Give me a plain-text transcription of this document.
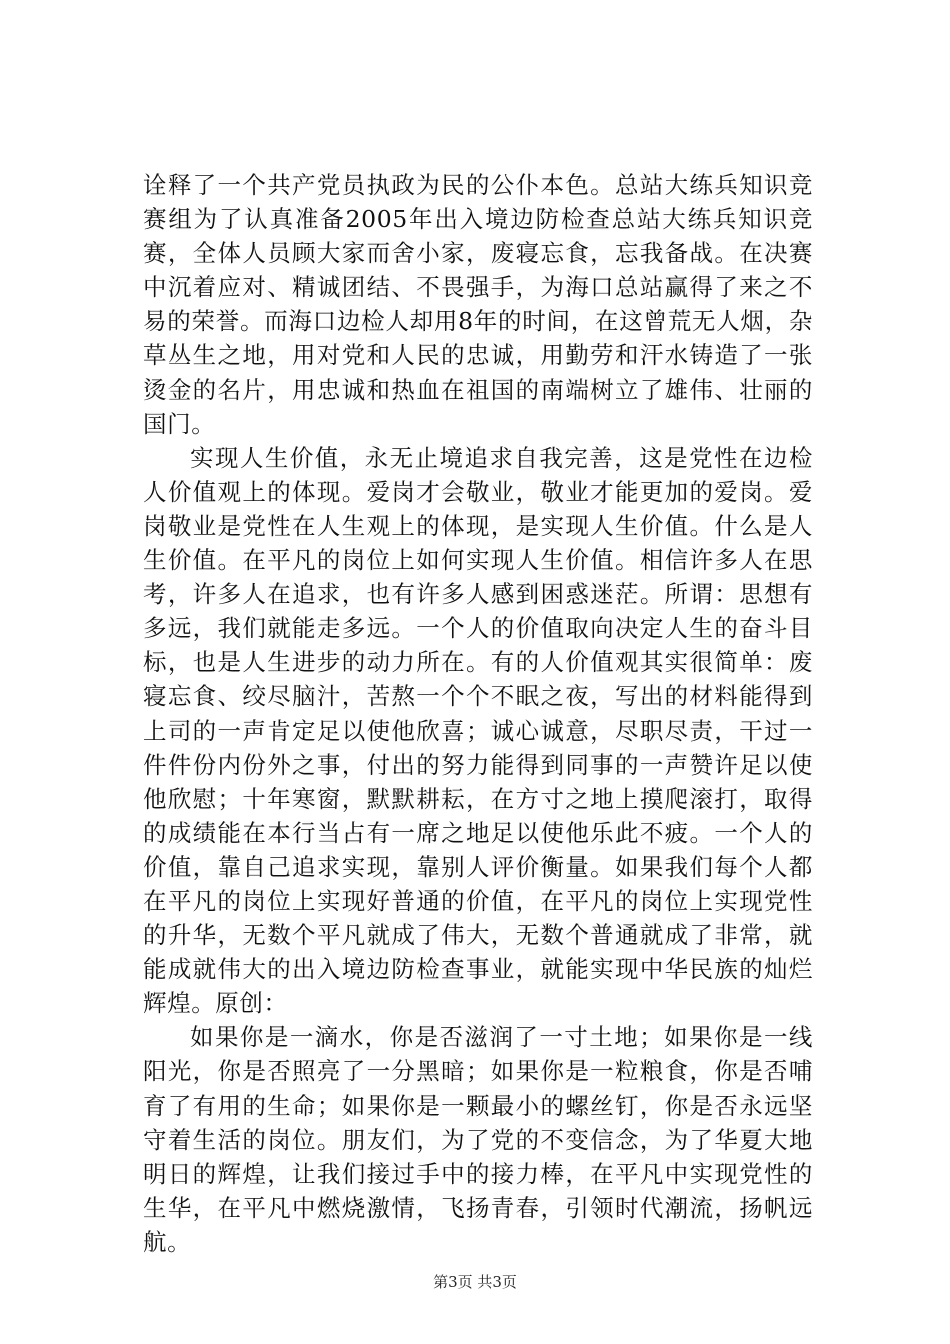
诠释了一个共产党员执政为民的公仆本色。总站大练兵知识竞赛组为了认真准备2005年出入境边防检查总站大练兵知识竞赛，全体人员顾大家而舍小家，废寝忘食，忘我备战。在决赛中沉着应对、精诚团结、不畏强手，为海口总站赢得了来之不易的荣誉。而海口边检人却用8年的时间，在这曾荒无人烟，杂草丛生之地，用对党和人民的忠诚，用勤劳和汗水铸造了一张烫金的名片，用忠诚和热血在祖国的南端树立了雄伟、壮丽的国门。

实现人生价值，永无止境追求自我完善，这是党性在边检人价值观上的体现。爱岗才会敬业，敬业才能更加的爱岗。爱岗敬业是党性在人生观上的体现，是实现人生价值。什么是人生价值。在平凡的岗位上如何实现人生价值。相信许多人在思考，许多人在追求，也有许多人感到困惑迷茫。所谓：思想有多远，我们就能走多远。一个人的价值取向决定人生的奋斗目标，也是人生进步的动力所在。有的人价值观其实很简单：废寝忘食、绞尽脑汁，苦熬一个个不眠之夜，写出的材料能得到上司的一声肯定足以使他欣喜；诚心诚意，尽职尽责，干过一件件份内份外之事，付出的努力能得到同事的一声赞许足以使他欣慰；十年寒窗，默默耕耘，在方寸之地上摸爬滚打，取得的成绩能在本行当占有一席之地足以使他乐此不疲。一个人的价值，靠自己追求实现，靠别人评价衡量。如果我们每个人都在平凡的岗位上实现好普通的价值，在平凡的岗位上实现党性的升华，无数个平凡就成了伟大，无数个普通就成了非常，就能成就伟大的出入境边防检查事业，就能实现中华民族的灿烂辉煌。原创：

如果你是一滴水，你是否滋润了一寸土地；如果你是一线阳光，你是否照亮了一分黑暗；如果你是一粒粮食，你是否哺育了有用的生命；如果你是一颗最小的螺丝钉，你是否永远坚守着生活的岗位。朋友们，为了党的不变信念，为了华夏大地明日的辉煌，让我们接过手中的接力棒，在平凡中实现党性的生华，在平凡中燃烧激情，飞扬青春，引领时代潮流，扬帆远航。

第3页 共3页
